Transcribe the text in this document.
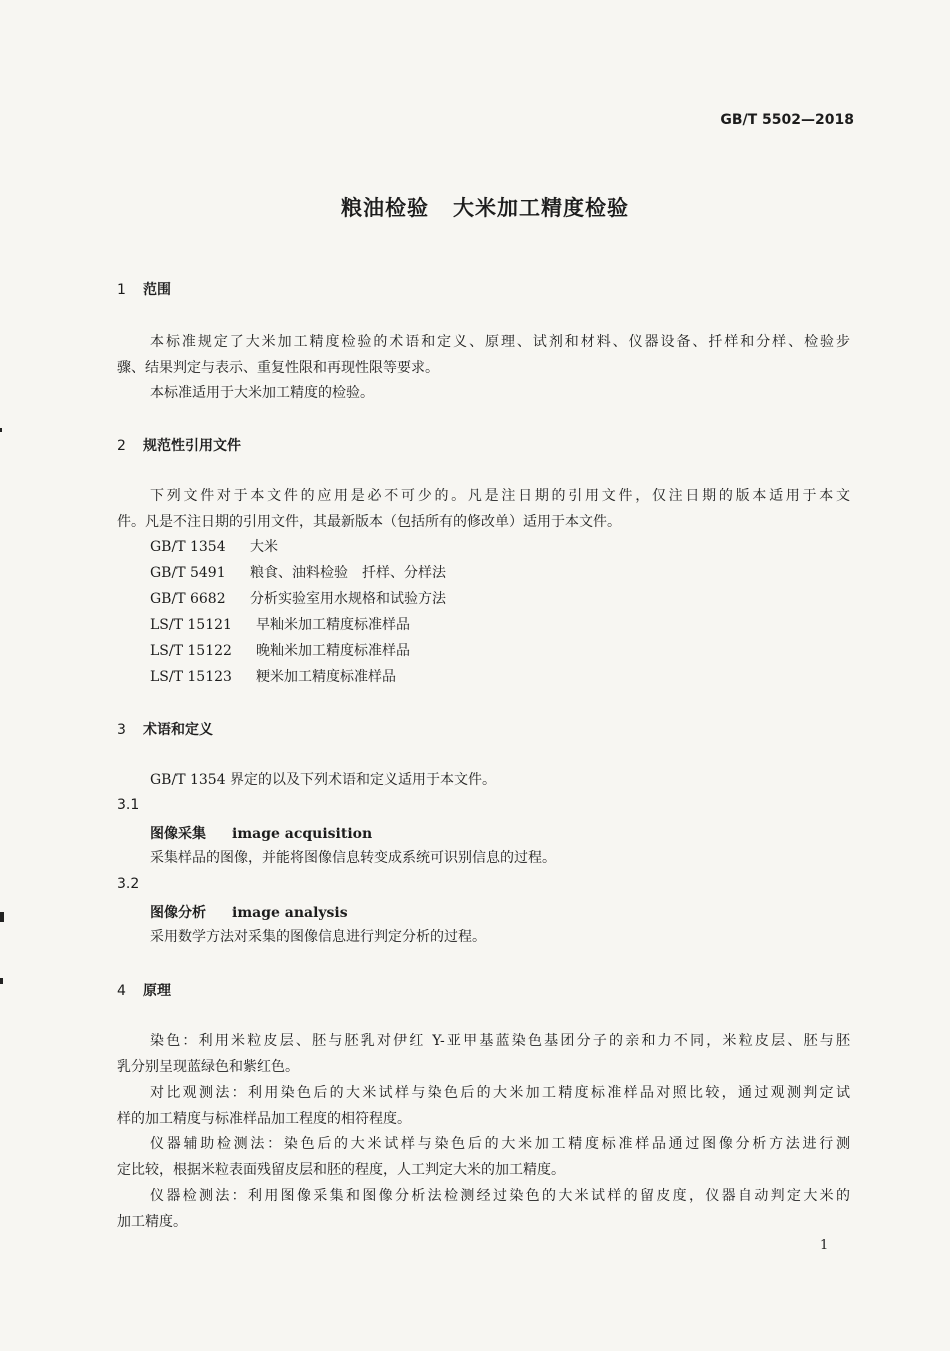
GB/T 5502—2018
粮油检验 大米加工精度检验
1 范围
本标准规定了大米加工精度检验的术语和定义、原理、试剂和材料、仪器设备、扦样和分样、检验步
骤、结果判定与表示、重复性限和再现性限等要求。
本标准适用于大米加工精度的检验。
2 规范性引用文件
下列文件对于本文件的应用是必不可少的。凡是注日期的引用文件，仅注日期的版本适用于本文
件。凡是不注日期的引用文件，其最新版本（包括所有的修改单）适用于本文件。
GB/T 1354 大米
GB/T 5491 粮食、油料检验　扦样、分样法
GB/T 6682 分析实验室用水规格和试验方法
LS/T 15121 早籼米加工精度标准样品
LS/T 15122 晚籼米加工精度标准样品
LS/T 15123 粳米加工精度标准样品
3 术语和定义
GB/T 1354 界定的以及下列术语和定义适用于本文件。
3.1
图像采集 image acquisition
采集样品的图像，并能将图像信息转变成系统可识别信息的过程。
3.2
图像分析 image analysis
采用数学方法对采集的图像信息进行判定分析的过程。
4 原理
染色：利用米粒皮层、胚与胚乳对伊红 Y-亚甲基蓝染色基团分子的亲和力不同，米粒皮层、胚与胚
乳分别呈现蓝绿色和紫红色。
对比观测法：利用染色后的大米试样与染色后的大米加工精度标准样品对照比较，通过观测判定试
样的加工精度与标准样品加工程度的相符程度。
仪器辅助检测法：染色后的大米试样与染色后的大米加工精度标准样品通过图像分析方法进行测
定比较，根据米粒表面残留皮层和胚的程度，人工判定大米的加工精度。
仪器检测法：利用图像采集和图像分析法检测经过染色的大米试样的留皮度，仪器自动判定大米的
加工精度。
1
